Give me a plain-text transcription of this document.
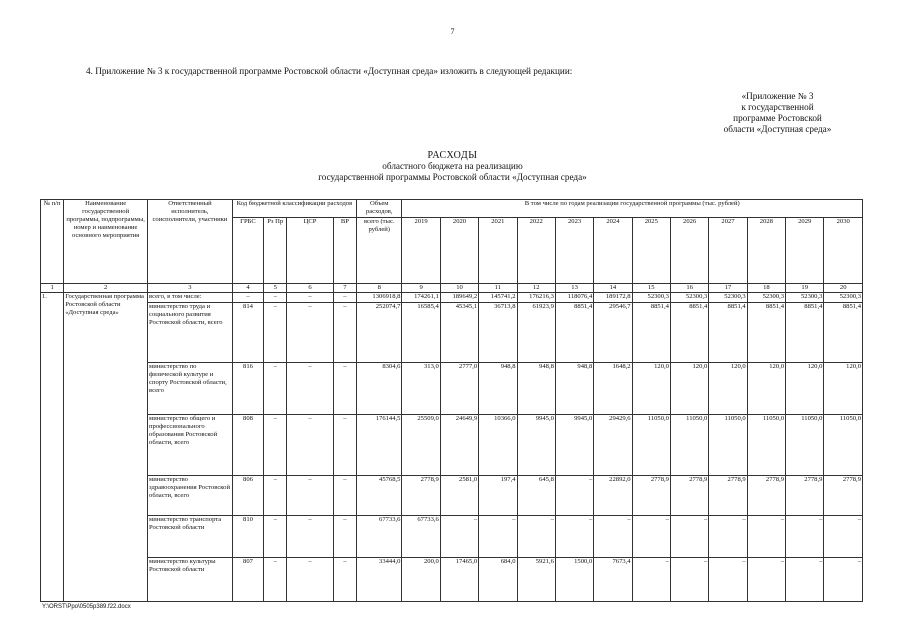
7
4. Приложение № 3 к государственной программе Ростовской области «Доступная среда» изложить в следующей редакции:
«Приложение № 3
к государственной
программе Ростовской
области «Доступная среда»
РАСХОДЫ
областного бюджета на реализацию
государственной программы Ростовской области «Доступная среда»
№ п/п	Наименование государственной программы, подпрограммы, номер и наименование основного мероприятия	Ответственный исполнитель, соисполнители, участники	Код бюджетной классификации расходов				Объем расходов,	В том числе по годам реализации государственной программы (тыс. рублей)											
			ГРБС	Рз Пр	ЦСР	ВР	всего (тыс. рублей)	2019	2020	2021	2022	2023	2024	2025	2026	2027	2028	2029	2030
1	2	3	4	5	6	7	8	9	10	11	12	13	14	15	16	17	18	19	20
1.	Государственная программа Ростовской области «Доступная среда»	всего, в том числе:	–	–	–	–	1306918,8	174261,1	189649,2	145741,2	176216,3	118076,4	189172,8	52300,3	52300,3	52300,3	52300,3	52300,3	52300,3
		министерство труда и социального развития Ростовской области, всего	814	–	–	–	252074,7	16585,4	45345,1	36713,8	61923,9	8851,4	29546,7	8851,4	8851,4	8851,4	8851,4	8851,4	8851,4
		министерство по физической культуре и спорту Ростовской области, всего	816	–	–	–	8304,6	313,0	2777,0	948,8	948,8	948,8	1648,2	120,0	120,0	120,0	120,0	120,0	120,0
		министерство общего и профессионального образования Ростовской области, всего	808	–	–	–	176144,5	25509,0	24649,9	10366,0	9945,0	9945,0	29429,6	11050,0	11050,0	11050,0	11050,0	11050,0	11050,0
		министерство здравоохранения Ростовской области, всего	806	–	–	–	45768,5	2778,9	2581,0	197,4	645,8	–	22892,0	2778,9	2778,9	2778,9	2778,9	2778,9	2778,9
		министерство транспорта Ростовской области	810	–	–	–	67733,6	67733,6	–	–	–	–	–	–	–	–	–	–	–
		министерство культуры Ростовской области	807	–	–	–	33444,0	200,0	17465,0	684,0	5921,6	1500,0	7673,4	–	–	–	–	–	–
Y:\ORST\Ppo\0505p389.f22.docx
